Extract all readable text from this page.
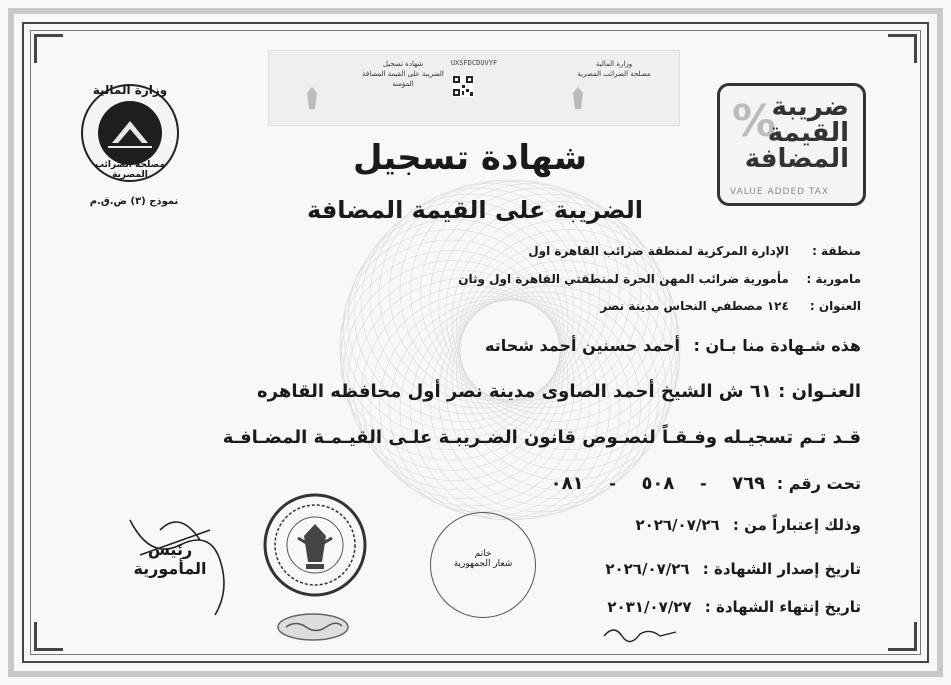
وزارة المالية
مصلحة الضرائب المصرية
شهادة تسجيل
الضريبة على القيمة المضافة
المؤمنة
UXSFDCDUVYF
وزارة المالية
مصلحة الضرائب المصرية
نموذج (٣) ض.ق.م
%
ضريبة
القيمة
المضافة
VALUE ADDED TAX
شهادة تسجيل
الضريبة على القيمة المضافة
منطقة : الإدارة المركزية لمنطقة ضرائب القاهرة اول
مامورية : مأمورية ضرائب المهن الحرة لمنطقتي القاهرة اول وثان
العنوان : ١٢٤ مصطفي النحاس مدينة نصر
هذه شـهادة منا بـان : أحمد حسنين أحمد شحاته
العنـوان : ٦١ ش الشيخ أحمد الصاوى مدينة نصر أول محافظه القاهره
قـد تـم تسجيـله وفـقـاً لنصـوص قانون الضـريبـة علـى القيـمـة المضـافـة
تحت رقم : ٧٦٩ - ٥٠٨ - ٠٨١
وذلك إعتباراً من : ٢٠٢٦/٠٧/٢٦
تاريخ إصدار الشهادة : ٢٠٢٦/٠٧/٢٦
تاريخ إنتهاء الشهادة : ٢٠٣١/٠٧/٢٧
خاتم
شعار الجمهورية
رئيس المأمورية
